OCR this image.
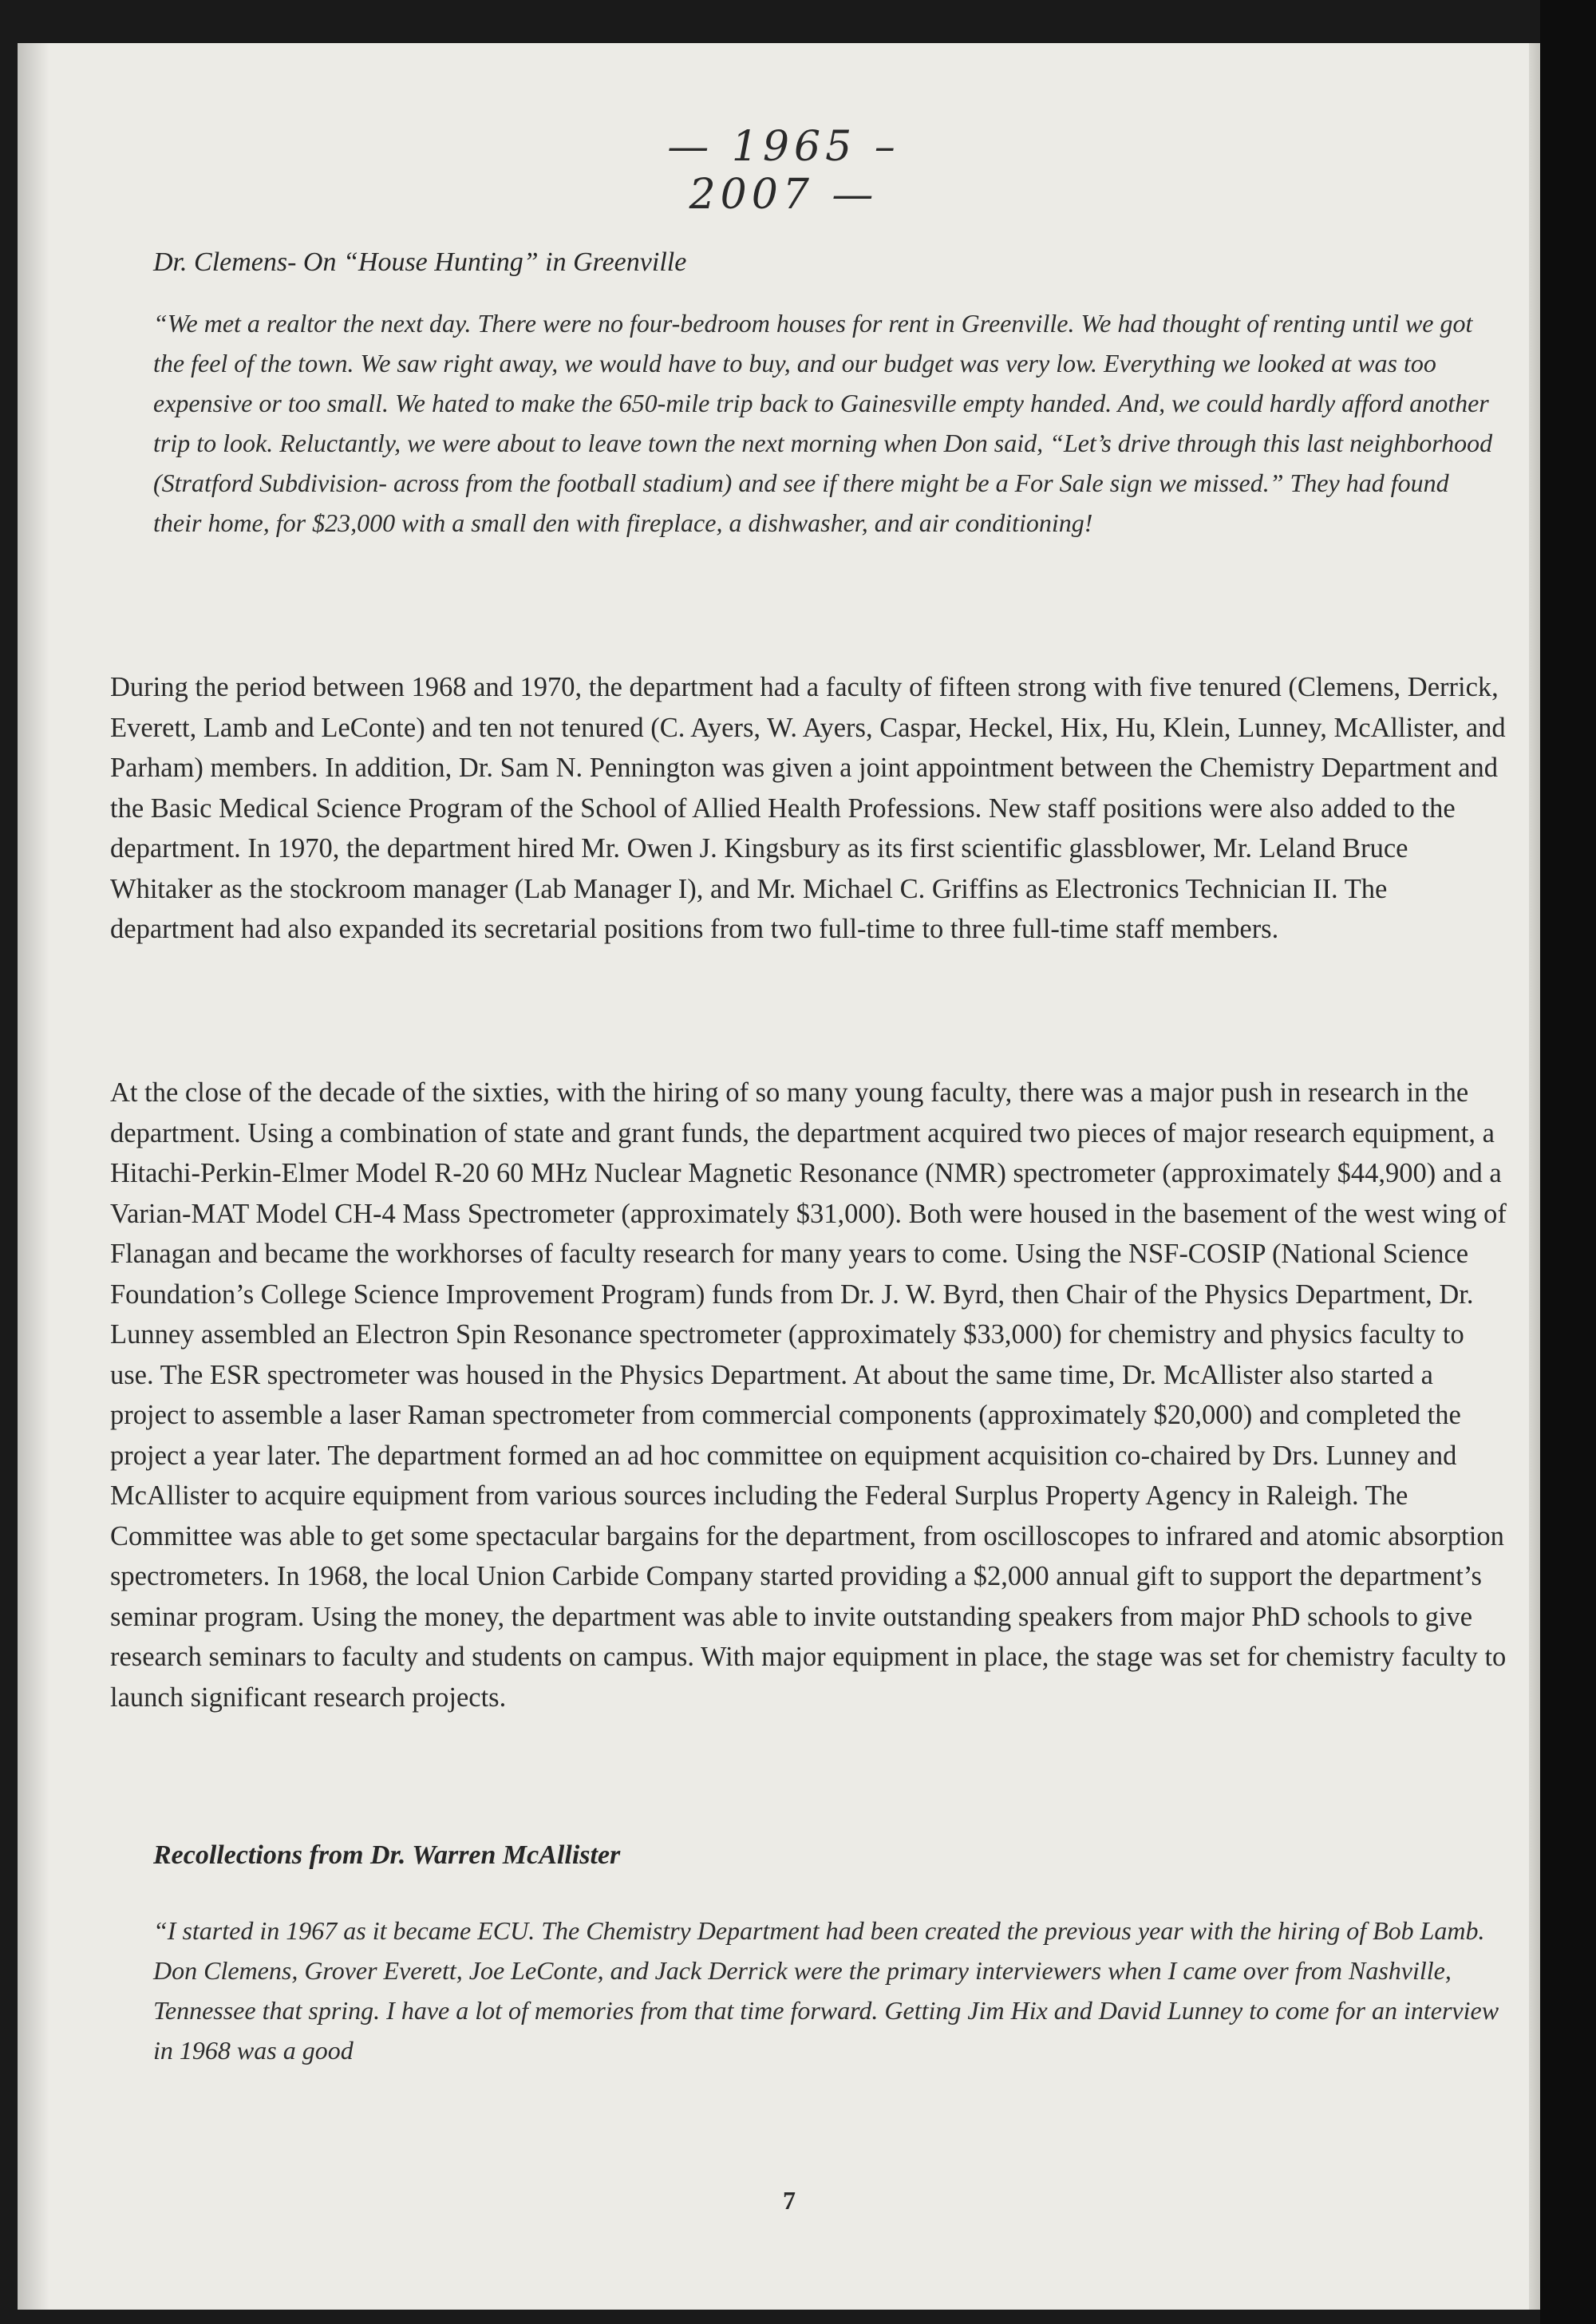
— 1965 – 2007 —
Dr. Clemens- On “House Hunting” in Greenville
“We met a realtor the next day. There were no four-bedroom houses for rent in Greenville. We had thought of renting until we got the feel of the town. We saw right away, we would have to buy, and our budget was very low. Everything we looked at was too expensive or too small. We hated to make the 650-mile trip back to Gainesville empty handed. And, we could hardly afford another trip to look. Reluctantly, we were about to leave town the next morning when Don said, “Let’s drive through this last neighborhood (Stratford Subdivision- across from the football stadium) and see if there might be a For Sale sign we missed.” They had found their home, for $23,000 with a small den with fireplace, a dishwasher, and air conditioning!
During the period between 1968 and 1970, the department had a faculty of fifteen strong with five tenured (Clemens, Derrick, Everett, Lamb and LeConte) and ten not tenured (C. Ayers, W. Ayers, Caspar, Heckel, Hix, Hu, Klein, Lunney, McAllister, and Parham) members. In addition, Dr. Sam N. Pennington was given a joint appointment between the Chemistry Department and the Basic Medical Science Program of the School of Allied Health Professions. New staff positions were also added to the department. In 1970, the department hired Mr. Owen J. Kingsbury as its first scientific glassblower, Mr. Leland Bruce Whitaker as the stockroom manager (Lab Manager I), and Mr. Michael C. Griffins as Electronics Technician II. The department had also expanded its secretarial positions from two full-time to three full-time staff members.
At the close of the decade of the sixties, with the hiring of so many young faculty, there was a major push in research in the department. Using a combination of state and grant funds, the department acquired two pieces of major research equipment, a Hitachi-Perkin-Elmer Model R-20 60 MHz Nuclear Magnetic Resonance (NMR) spectrometer (approximately $44,900) and a Varian-MAT Model CH-4 Mass Spectrometer (approximately $31,000). Both were housed in the basement of the west wing of Flanagan and became the workhorses of faculty research for many years to come. Using the NSF-COSIP (National Science Foundation’s College Science Improvement Program) funds from Dr. J. W. Byrd, then Chair of the Physics Department, Dr. Lunney assembled an Electron Spin Resonance spectrometer (approximately $33,000) for chemistry and physics faculty to use. The ESR spectrometer was housed in the Physics Department. At about the same time, Dr. McAllister also started a project to assemble a laser Raman spectrometer from commercial components (approximately $20,000) and completed the project a year later. The department formed an ad hoc committee on equipment acquisition co-chaired by Drs. Lunney and McAllister to acquire equipment from various sources including the Federal Surplus Property Agency in Raleigh. The Committee was able to get some spectacular bargains for the department, from oscilloscopes to infrared and atomic absorption spectrometers. In 1968, the local Union Carbide Company started providing a $2,000 annual gift to support the department’s seminar program. Using the money, the department was able to invite outstanding speakers from major PhD schools to give research seminars to faculty and students on campus. With major equipment in place, the stage was set for chemistry faculty to launch significant research projects.
Recollections from Dr. Warren McAllister
“I started in 1967 as it became ECU. The Chemistry Department had been created the previous year with the hiring of Bob Lamb. Don Clemens, Grover Everett, Joe LeConte, and Jack Derrick were the primary interviewers when I came over from Nashville, Tennessee that spring. I have a lot of memories from that time forward. Getting Jim Hix and David Lunney to come for an interview in 1968 was a good
7
